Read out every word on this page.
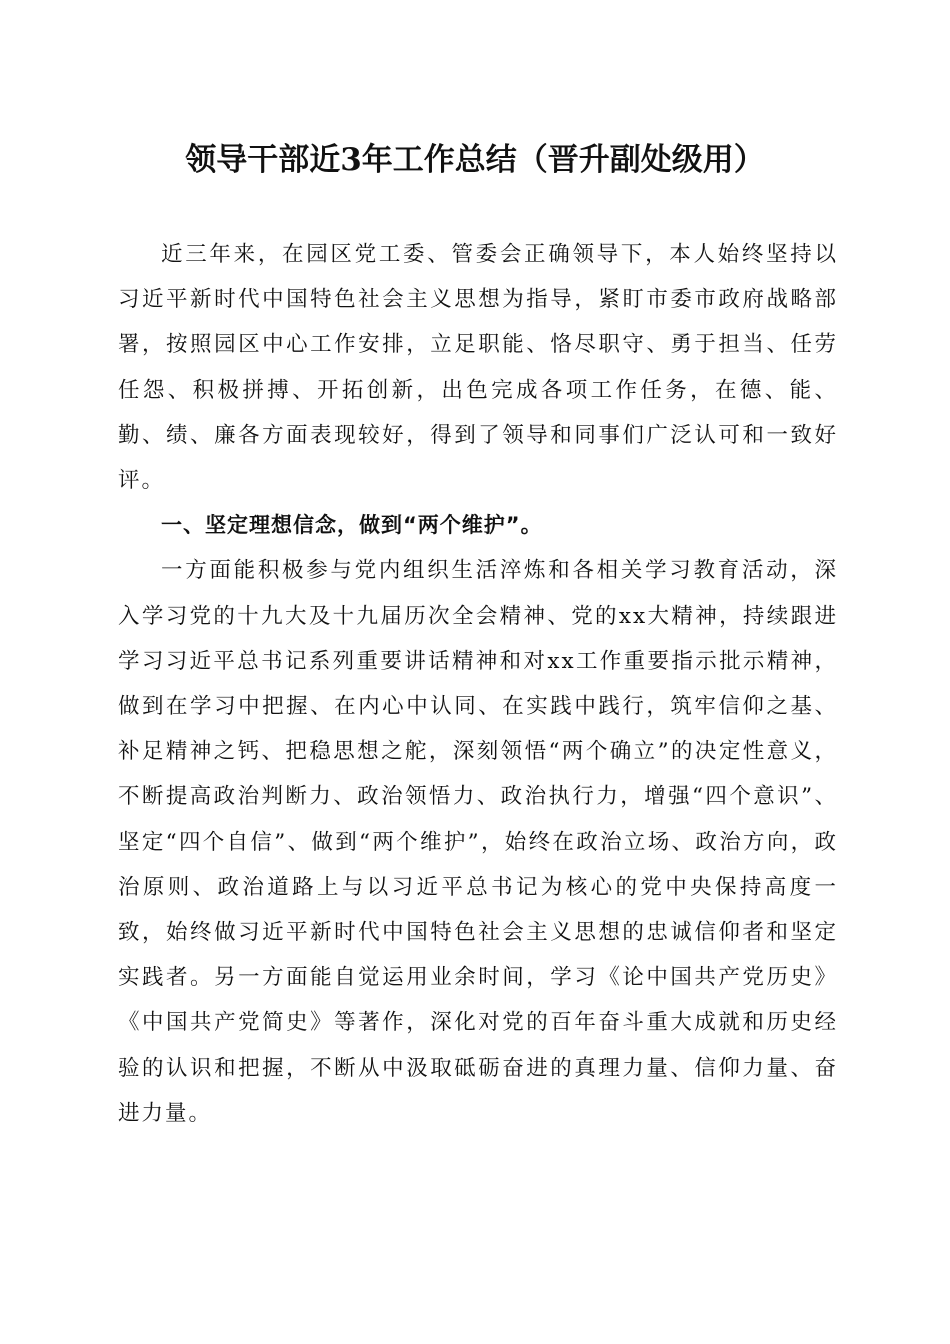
领导干部近3年工作总结（晋升副处级用）

近三年来，在园区党工委、管委会正确领导下，本人始终坚持以习近平新时代中国特色社会主义思想为指导，紧盯市委市政府战略部署，按照园区中心工作安排，立足职能、恪尽职守、勇于担当、任劳任怨、积极拼搏、开拓创新，出色完成各项工作任务，在德、能、勤、绩、廉各方面表现较好，得到了领导和同事们广泛认可和一致好评。

一、坚定理想信念，做到“两个维护”。

一方面能积极参与党内组织生活淬炼和各相关学习教育活动，深入学习党的十九大及十九届历次全会精神、党的xx大精神，持续跟进学习习近平总书记系列重要讲话精神和对xx工作重要指示批示精神，做到在学习中把握、在内心中认同、在实践中践行，筑牢信仰之基、补足精神之钙、把稳思想之舵，深刻领悟“两个确立”的决定性意义，不断提高政治判断力、政治领悟力、政治执行力，增强“四个意识”、坚定“四个自信”、做到“两个维护”，始终在政治立场、政治方向，政治原则、政治道路上与以习近平总书记为核心的党中央保持高度一致，始终做习近平新时代中国特色社会主义思想的忠诚信仰者和坚定实践者。另一方面能自觉运用业余时间，学习《论中国共产党历史》《中国共产党简史》等著作，深化对党的百年奋斗重大成就和历史经验的认识和把握，不断从中汲取砥砺奋进的真理力量、信仰力量、奋进力量。
